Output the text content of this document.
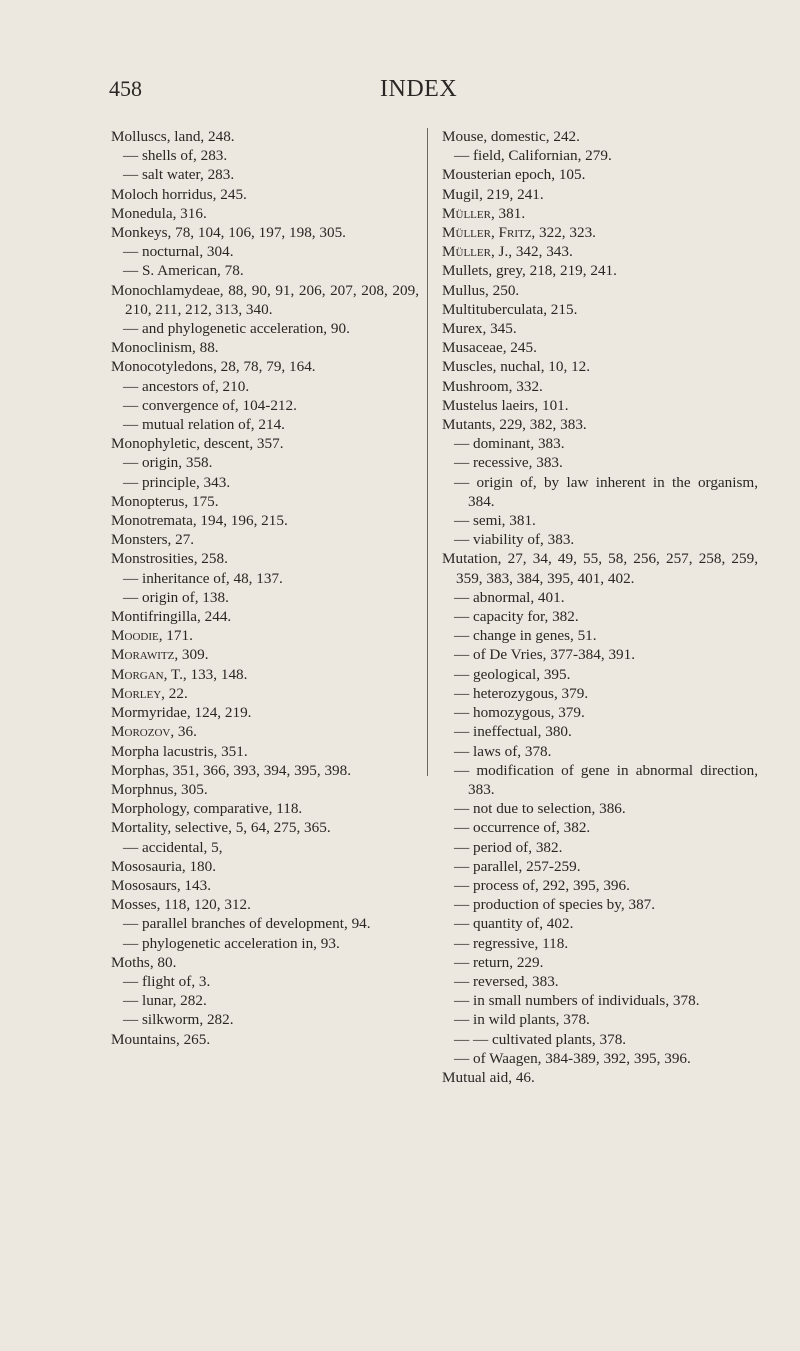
458	INDEX
Molluscs, land, 248.
— shells of, 283.
— salt water, 283.
Moloch horridus, 245.
Monedula, 316.
Monkeys, 78, 104, 106, 197, 198, 305.
— nocturnal, 304.
— S. American, 78.
Monochlamydeae, 88, 90, 91, 206, 207, 208, 209, 210, 211, 212, 313, 340.
— and phylogenetic acceleration, 90.
Monoclinism, 88.
Monocotyledons, 28, 78, 79, 164.
— ancestors of, 210.
— convergence of, 104-212.
— mutual relation of, 214.
Monophyletic, descent, 357.
— origin, 358.
— principle, 343.
Monopterus, 175.
Monotremata, 194, 196, 215.
Monsters, 27.
Monstrosities, 258.
— inheritance of, 48, 137.
— origin of, 138.
Montifringilla, 244.
Moodie, 171.
Morawitz, 309.
Morgan, T., 133, 148.
Morley, 22.
Mormyridae, 124, 219.
Morozov, 36.
Morpha lacustris, 351.
Morphas, 351, 366, 393, 394, 395, 398.
Morphnus, 305.
Morphology, comparative, 118.
Mortality, selective, 5, 64, 275, 365.
— accidental, 5,
Mososauria, 180.
Mososaurs, 143.
Mosses, 118, 120, 312.
— parallel branches of development, 94.
— phylogenetic acceleration in, 93.
Moths, 80.
— flight of, 3.
— lunar, 282.
— silkworm, 282.
Mountains, 265.
Mouse, domestic, 242.
— field, Californian, 279.
Mousterian epoch, 105.
Mugil, 219, 241.
Müller, 381.
Müller, Fritz, 322, 323.
Müller, J., 342, 343.
Mullets, grey, 218, 219, 241.
Mullus, 250.
Multituberculata, 215.
Murex, 345.
Musaceae, 245.
Muscles, nuchal, 10, 12.
Mushroom, 332.
Mustelus laeirs, 101.
Mutants, 229, 382, 383.
— dominant, 383.
— recessive, 383.
— origin of, by law inherent in the organism, 384.
— semi, 381.
— viability of, 383.
Mutation, 27, 34, 49, 55, 58, 256, 257, 258, 259, 359, 383, 384, 395, 401, 402.
— abnormal, 401.
— capacity for, 382.
— change in genes, 51.
— of De Vries, 377-384, 391.
— geological, 395.
— heterozygous, 379.
— homozygous, 379.
— ineffectual, 380.
— laws of, 378.
— modification of gene in abnormal direction, 383.
— not due to selection, 386.
— occurrence of, 382.
— period of, 382.
— parallel, 257-259.
— process of, 292, 395, 396.
— production of species by, 387.
— quantity of, 402.
— regressive, 118.
— return, 229.
— reversed, 383.
— in small numbers of individuals, 378.
— in wild plants, 378.
— — cultivated plants, 378.
— of Waagen, 384-389, 392, 395, 396.
Mutual aid, 46.
